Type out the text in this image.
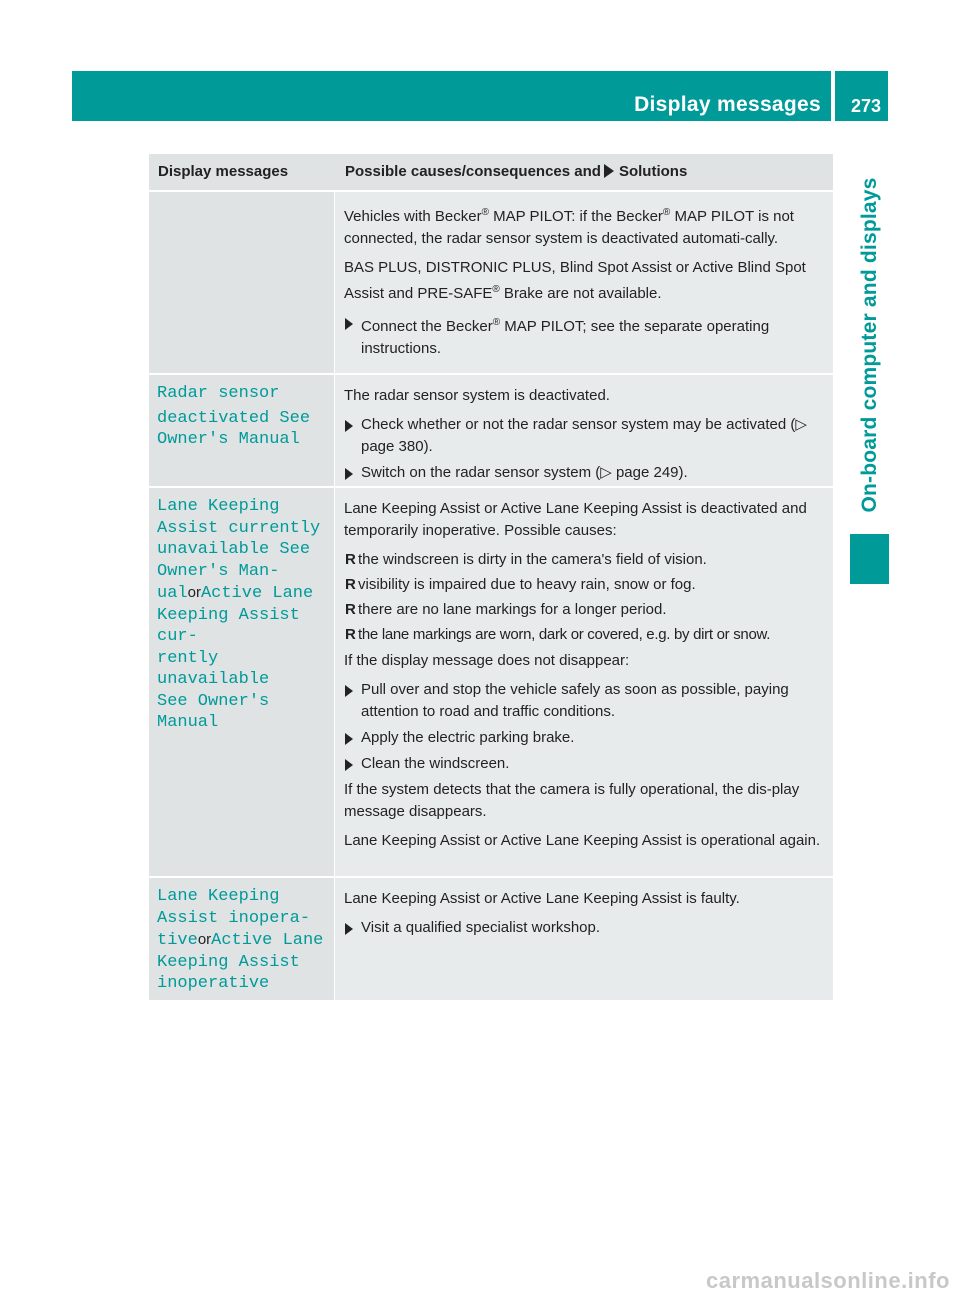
Display messages 273
On-board computer and displays
Display messages	Possible causes/consequences and Solutions

Vehicles with Becker® MAP PILOT: if the Becker® MAP PILOT is not connected, the radar sensor system is deactivated automati-cally.

BAS PLUS, DISTRONIC PLUS, Blind Spot Assist or Active Blind Spot Assist and PRE-SAFE® Brake are not available.

Connect the Becker® MAP PILOT; see the separate operating instructions.
Radar sensor
deactivated See
Owner's Manual

The radar sensor system is deactivated.

Check whether or not the radar sensor system may be activated (▷ page 380).
Switch on the radar sensor system (▷ page 249).
Lane Keeping
Assist currently
unavailable See
Owner's Man‐
ualorActive Lane
Keeping Assist cur‐
rently unavailable
See Owner's Manual

Lane Keeping Assist or Active Lane Keeping Assist is deactivated and temporarily inoperative. Possible causes:

R the windscreen is dirty in the camera's field of vision.
R visibility is impaired due to heavy rain, snow or fog.
R there are no lane markings for a longer period.
R the lane markings are worn, dark or covered, e.g. by dirt or snow.

If the display message does not disappear:

Pull over and stop the vehicle safely as soon as possible, paying attention to road and traffic conditions.
Apply the electric parking brake.
Clean the windscreen.

If the system detects that the camera is fully operational, the dis-play message disappears.

Lane Keeping Assist or Active Lane Keeping Assist is operational again.

Lane Keeping
Assist inopera‐
tiveorActive Lane
Keeping Assist
inoperative

Lane Keeping Assist or Active Lane Keeping Assist is faulty.

Visit a qualified specialist workshop.
carmanualsonline.info
